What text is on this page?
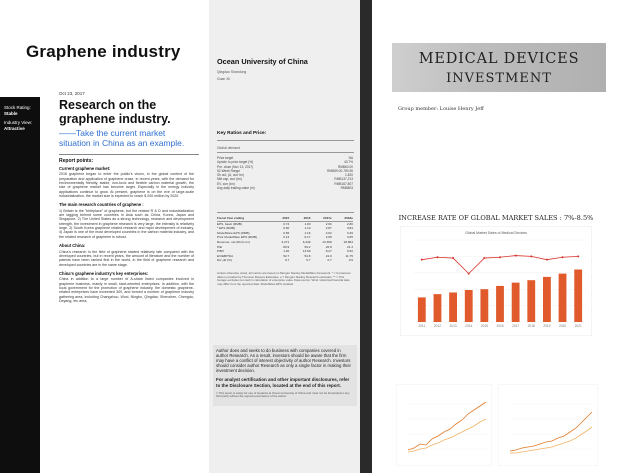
Graphene industry
Stock Rating:
Stable
Industry View:
Attractive
Oct 23, 2017
Research on the graphene industry.
——Take the current market situation in China as an example.
Report points:
Current graphene market:
2016 graphene began to enter the public's vision, in the global context of the preparation and application of graphene craze, in recent years, with the demand for environmentally friendly, stable, non-toxic and flexible carbon material growth, the size of graphene market has become larger. Especially in the energy industry applications continue to grow. At present, graphene is on the eve of large-scale industrialization, the market size is expected to reach $ 200 million by 2020.
The main research countries of graphene :
1) Britain is the "birthplace" of graphene, but the related R & D and industrialization are lagging behind some countries in Asia such as China, Korea, Japan and Singapore. 2) The United States as a strong technology, research and development strength, the investment in graphene research is very large, the intensity is relatively large. 3) South Korea graphene related research and rapid development of industry. 4) Japan is one of the most developed countries in the carbon material industry, and the related research of graphene is robust.
About China:
China's research in the field of graphene started relatively late compared with the developed countries, but in recent years, the amount of literature and the number of patents have been ranked first in the world, in the field of graphene research and developed countries are in the same stage.
China's graphene industry's key enterprises:
China in addition to a large number of A-share listed companies involved in graphene business, mainly in small, start-oriented enterprises. In addition, with the local government for the promotion of graphene industry, the domestic graphene-related enterprises have exceeded 300, and formed a number of graphene industry gathering area, including Changzhou, Wuxi, Ningbo, Qingdao, Shenzhen, Chengdu, Deyang, etc area.
Ocean University of China
Qingdao Shandong
Guan Xii
Key Ratios and Price:
Global demand
Price target	NA
Upside to price target (%)	43.7%
Pre. close (Nov 13, 2017)	RMB60.00
52-Week Range	RMB59.00-750.96
Sh out, (A, curr bn)	1.820
Mkt cap, curr (bn)	RMB137,213
EV, curr (bn)	RMB167,807
Avg daily trading value (m)	RMB803
Fiscal Year ending	2015	2016	2017e	2018e
EPS, basic (RMB)	0.74	1.00	2.60	2.80
* EPS (RMB)	0.60	1.10	2.87	3.84
ModelWare EPS (RMB)	0.65	1.16	2.62	3.49
Prior ModelWare EPS (RMB)	0.13	0.17	2.68	3.65
Revenue, net (Rmb mn)	3,271	6,449	13,308	18,864
P/E	89.9	59.2	26.8	21.3
P/BV	1.20	13.69	8.27	6.52
EV/EBITDA	52.7	54.8	24.0	11.75
Div yld (%)	0.7	0.7	0.7	0.9
Unless otherwise noted, all metrics are based on Morgan Stanley ModelWare framework. * = Consensus data is provided by Thomson Reuters Estimates. e = Morgan Stanley Research estimates. ** = This footage excludes net cash in calculation of enterprise value. Data source: Wind. Historical financial data may differ from the reported data. ModelWare EPS restated.

Author does and seeks to do business with companies covered in author Research. As a result, investors should be aware that the firm may have a conflict of interest objectivity of author Research. Investors should consider author Research as only a single factor in making their investment decision.

For analyst certification and other important disclosures, refer to the Disclosure Section, located at the end of this report.

= This report is solely for use of students at Ocean University of China and must not be forwarded to any third party without the express permission of the author.

MEDICAL DEVICES
INVESTMENT
Group member: Louise Henry Jeff
INCREASE RATE OF GLOBAL MARKET SALES : 7%-8.5%
Global Market Sales of Medical Devices
2011	2012	2013	2014	2015	2016	2017	2018	2019	2020	2021
